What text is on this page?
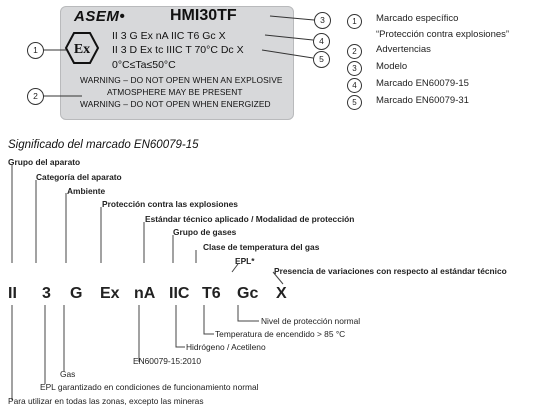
ASEM•	HMI30TF
Ex
II 3 G Ex nA IIC T6 Gc X
II 3 D Ex tc IIIC T 70°C Dc X
0°C≤Ta≤50°C
WARNING – DO NOT OPEN WHEN AN EXPLOSIVE
ATMOSPHERE MAY BE PRESENT
WARNING – DO NOT OPEN WHEN ENERGIZED
1
2
3
4
5
1	Marcado específico
“Protección contra explosiones”
2	Advertencias
3	Modelo
4	Marcado EN60079-15
5	Marcado EN60079-31
Significado del marcado EN60079-15
Grupo del aparato
Categoría del aparato
Ambiente
Protección contra las explosiones
Estándar técnico aplicado / Modalidad de protección
Grupo de gases
Clase de temperatura del gas
EPL*
Presencia de variaciones con respecto al estándar técnico
II 3 G Ex nA IIC T6 Gc X
Nivel de protección normal
Temperatura de encendido > 85 °C
Hidrógeno / Acetileno
EN60079-15:2010
Gas
EPL garantizado en condiciones de funcionamiento normal
Para utilizar en todas las zonas, excepto las mineras
